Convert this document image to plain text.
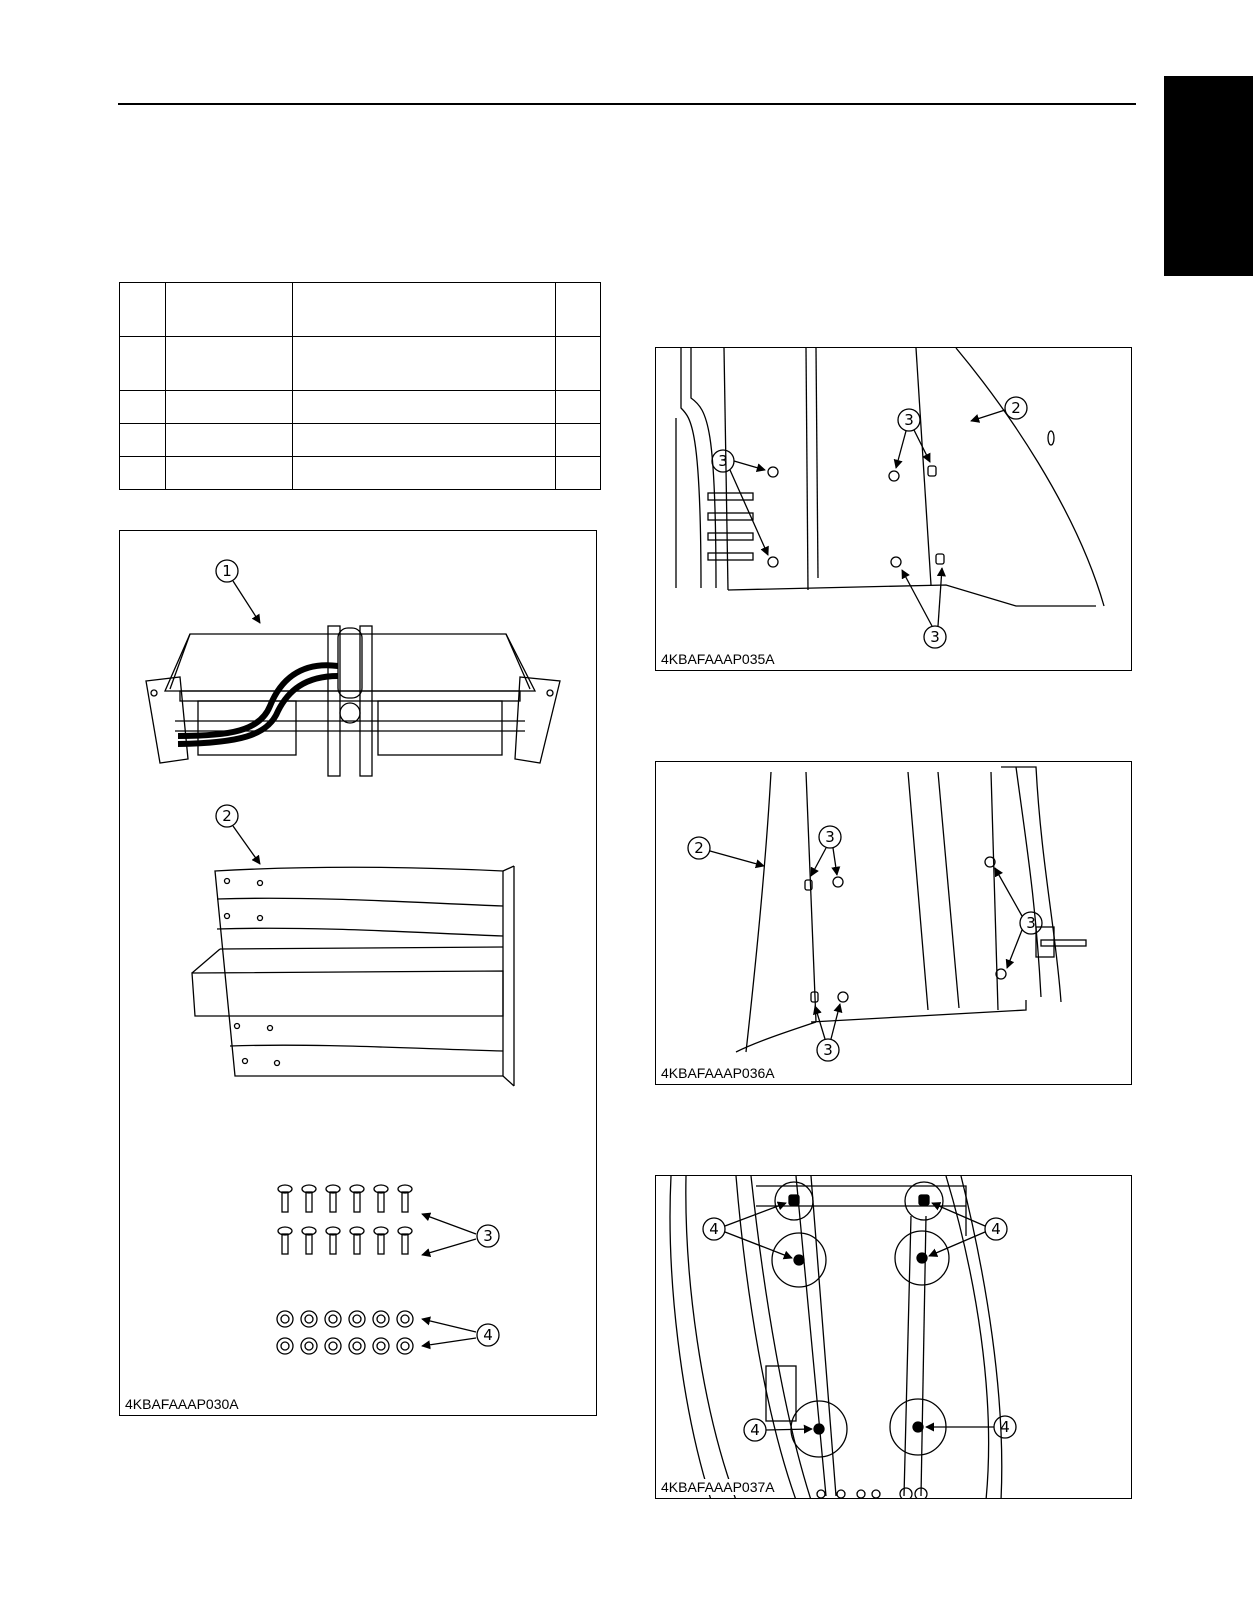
1
2
3
4
4KBAFAAAP030A
2
3
3
3
4KBAFAAAP035A
2
3
3
3
4KBAFAAAP036A
4	4
4	4
4KBAFAAAP037A
